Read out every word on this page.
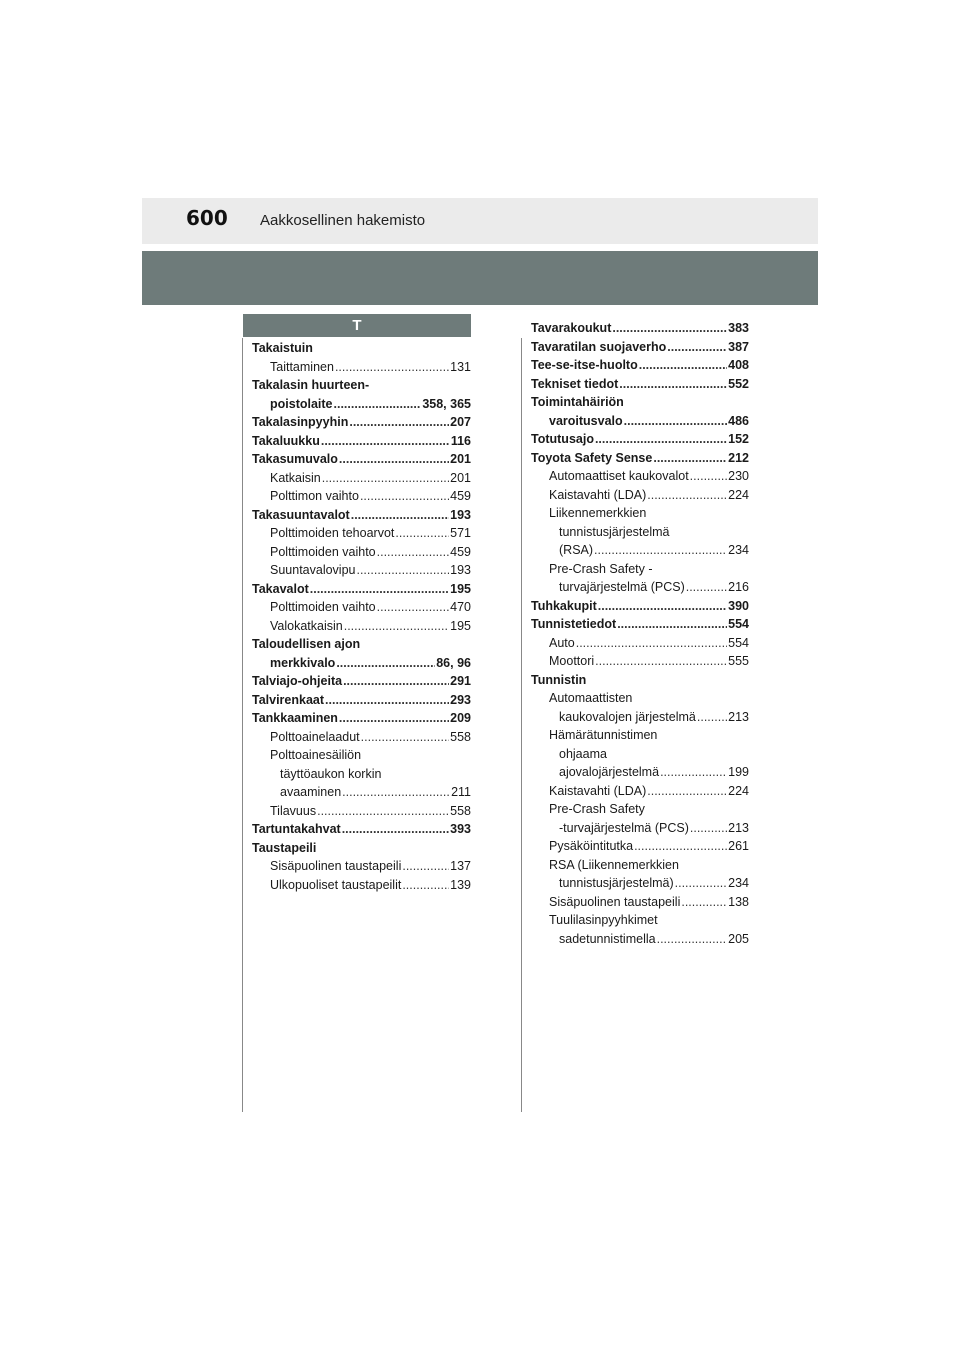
600 Aakkosellinen hakemisto
T
Takaistuin
Taittaminen .....	131
Takalasin huurteen-
poistolaite .....	358, 365
Takalasinpyyhin .....	207
Takaluukku .....	116
Takasumuvalo .....	201
Katkaisin .....	201
Polttimon vaihto .....	459
Takasuuntavalot .....	193
Polttimoiden tehoarvot .....	571
Polttimoiden vaihto .....	459
Suuntavalovipu .....	193
Takavalot .....	195
Polttimoiden vaihto .....	470
Valokatkaisin .....	195
Taloudellisen ajon
merkkivalo .....	86, 96
Talviajo-ohjeita .....	291
Talvirenkaat .....	293
Tankkaaminen .....	209
Polttoainelaadut .....	558
Polttoainesäiliön
täyttöaukon korkin
avaaminen .....	211
Tilavuus .....	558
Tartuntakahvat .....	393
Taustapeili
Sisäpuolinen taustapeili .....	137
Ulkopuoliset taustapeilit .....	139
Tavarakoukut .....	383
Tavaratilan suojaverho .....	387
Tee-se-itse-huolto .....	408
Tekniset tiedot .....	552
Toimintahäiriön
varoitusvalo .....	486
Totutusajo .....	152
Toyota Safety Sense .....	212
Automaattiset kaukovalot .....	230
Kaistavahti (LDA) .....	224
Liikennemerkkien
tunnistusjärjestelmä
(RSA) .....	234
Pre-Crash Safety -
turvajärjestelmä (PCS) .....	216
Tuhkakupit .....	390
Tunnistetiedot .....	554
Auto .....	554
Moottori .....	555
Tunnistin
Automaattisten
kaukovalojen järjestelmä .....	213
Hämärätunnistimen
ohjaama
ajovalojärjestelmä .....	199
Kaistavahti (LDA) .....	224
Pre-Crash Safety
-turvajärjestelmä (PCS) .....	213
Pysäköintitutka .....	261
RSA (Liikennemerkkien
tunnistusjärjestelmä) .....	234
Sisäpuolinen taustapeili .....	138
Tuulilasinpyyhkimet
sadetunnistimella .....	205
